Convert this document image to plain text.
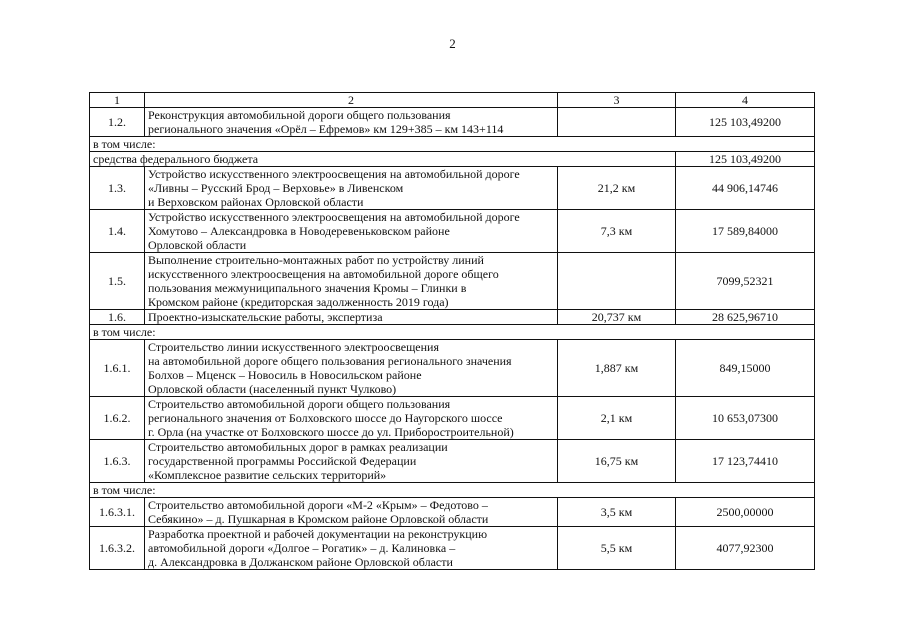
2
1	2	3	4
1.2.	Реконструкция автомобильной дороги общего пользования
регионального значения «Орёл – Ефремов» км 129+385 – км 143+114		125 103,49200
в том числе:			
средства федерального бюджета			125 103,49200
1.3.	Устройство искусственного электроосвещения на автомобильной дороге
«Ливны – Русский Брод – Верховье» в Ливенском
и Верховском районах Орловской области	21,2 км	44 906,14746
1.4.	Устройство искусственного электроосвещения на автомобильной дороге
Хомутово – Александровка в Новодеревеньковском районе
Орловской области	7,3 км	17 589,84000
1.5.	Выполнение строительно-монтажных работ по устройству линий
искусственного электроосвещения на автомобильной дороге общего
пользования межмуниципального значения Кромы – Глинки в
Кромском районе (кредиторская задолженность 2019 года)		7099,52321
1.6.	Проектно-изыскательские работы, экспертиза	20,737 км	28 625,96710
в том числе:			
1.6.1.	Строительство линии искусственного электроосвещения
на автомобильной дороге общего пользования регионального значения
Болхов – Мценск – Новосиль в Новосильском районе
Орловской области (населенный пункт Чулково)	1,887 км	849,15000
1.6.2.	Строительство автомобильной дороги общего пользования
регионального значения от Болховского шоссе до Наугорского шоссе
г. Орла (на участке от Болховского шоссе до ул. Приборостроительной)	2,1 км	10 653,07300
1.6.3.	Строительство автомобильных дорог в рамках реализации
государственной программы Российской Федерации
«Комплексное развитие сельских территорий»	16,75 км	17 123,74410
в том числе:			
1.6.3.1.	Строительство автомобильной дороги «М-2 «Крым» – Федотово –
Себякино» – д. Пушкарная в Кромском районе Орловской области	3,5 км	2500,00000
1.6.3.2.	Разработка проектной и рабочей документации на реконструкцию
автомобильной дороги «Долгое – Рогатик» – д. Калиновка –
д. Александровка в Должанском районе Орловской области	5,5 км	4077,92300
